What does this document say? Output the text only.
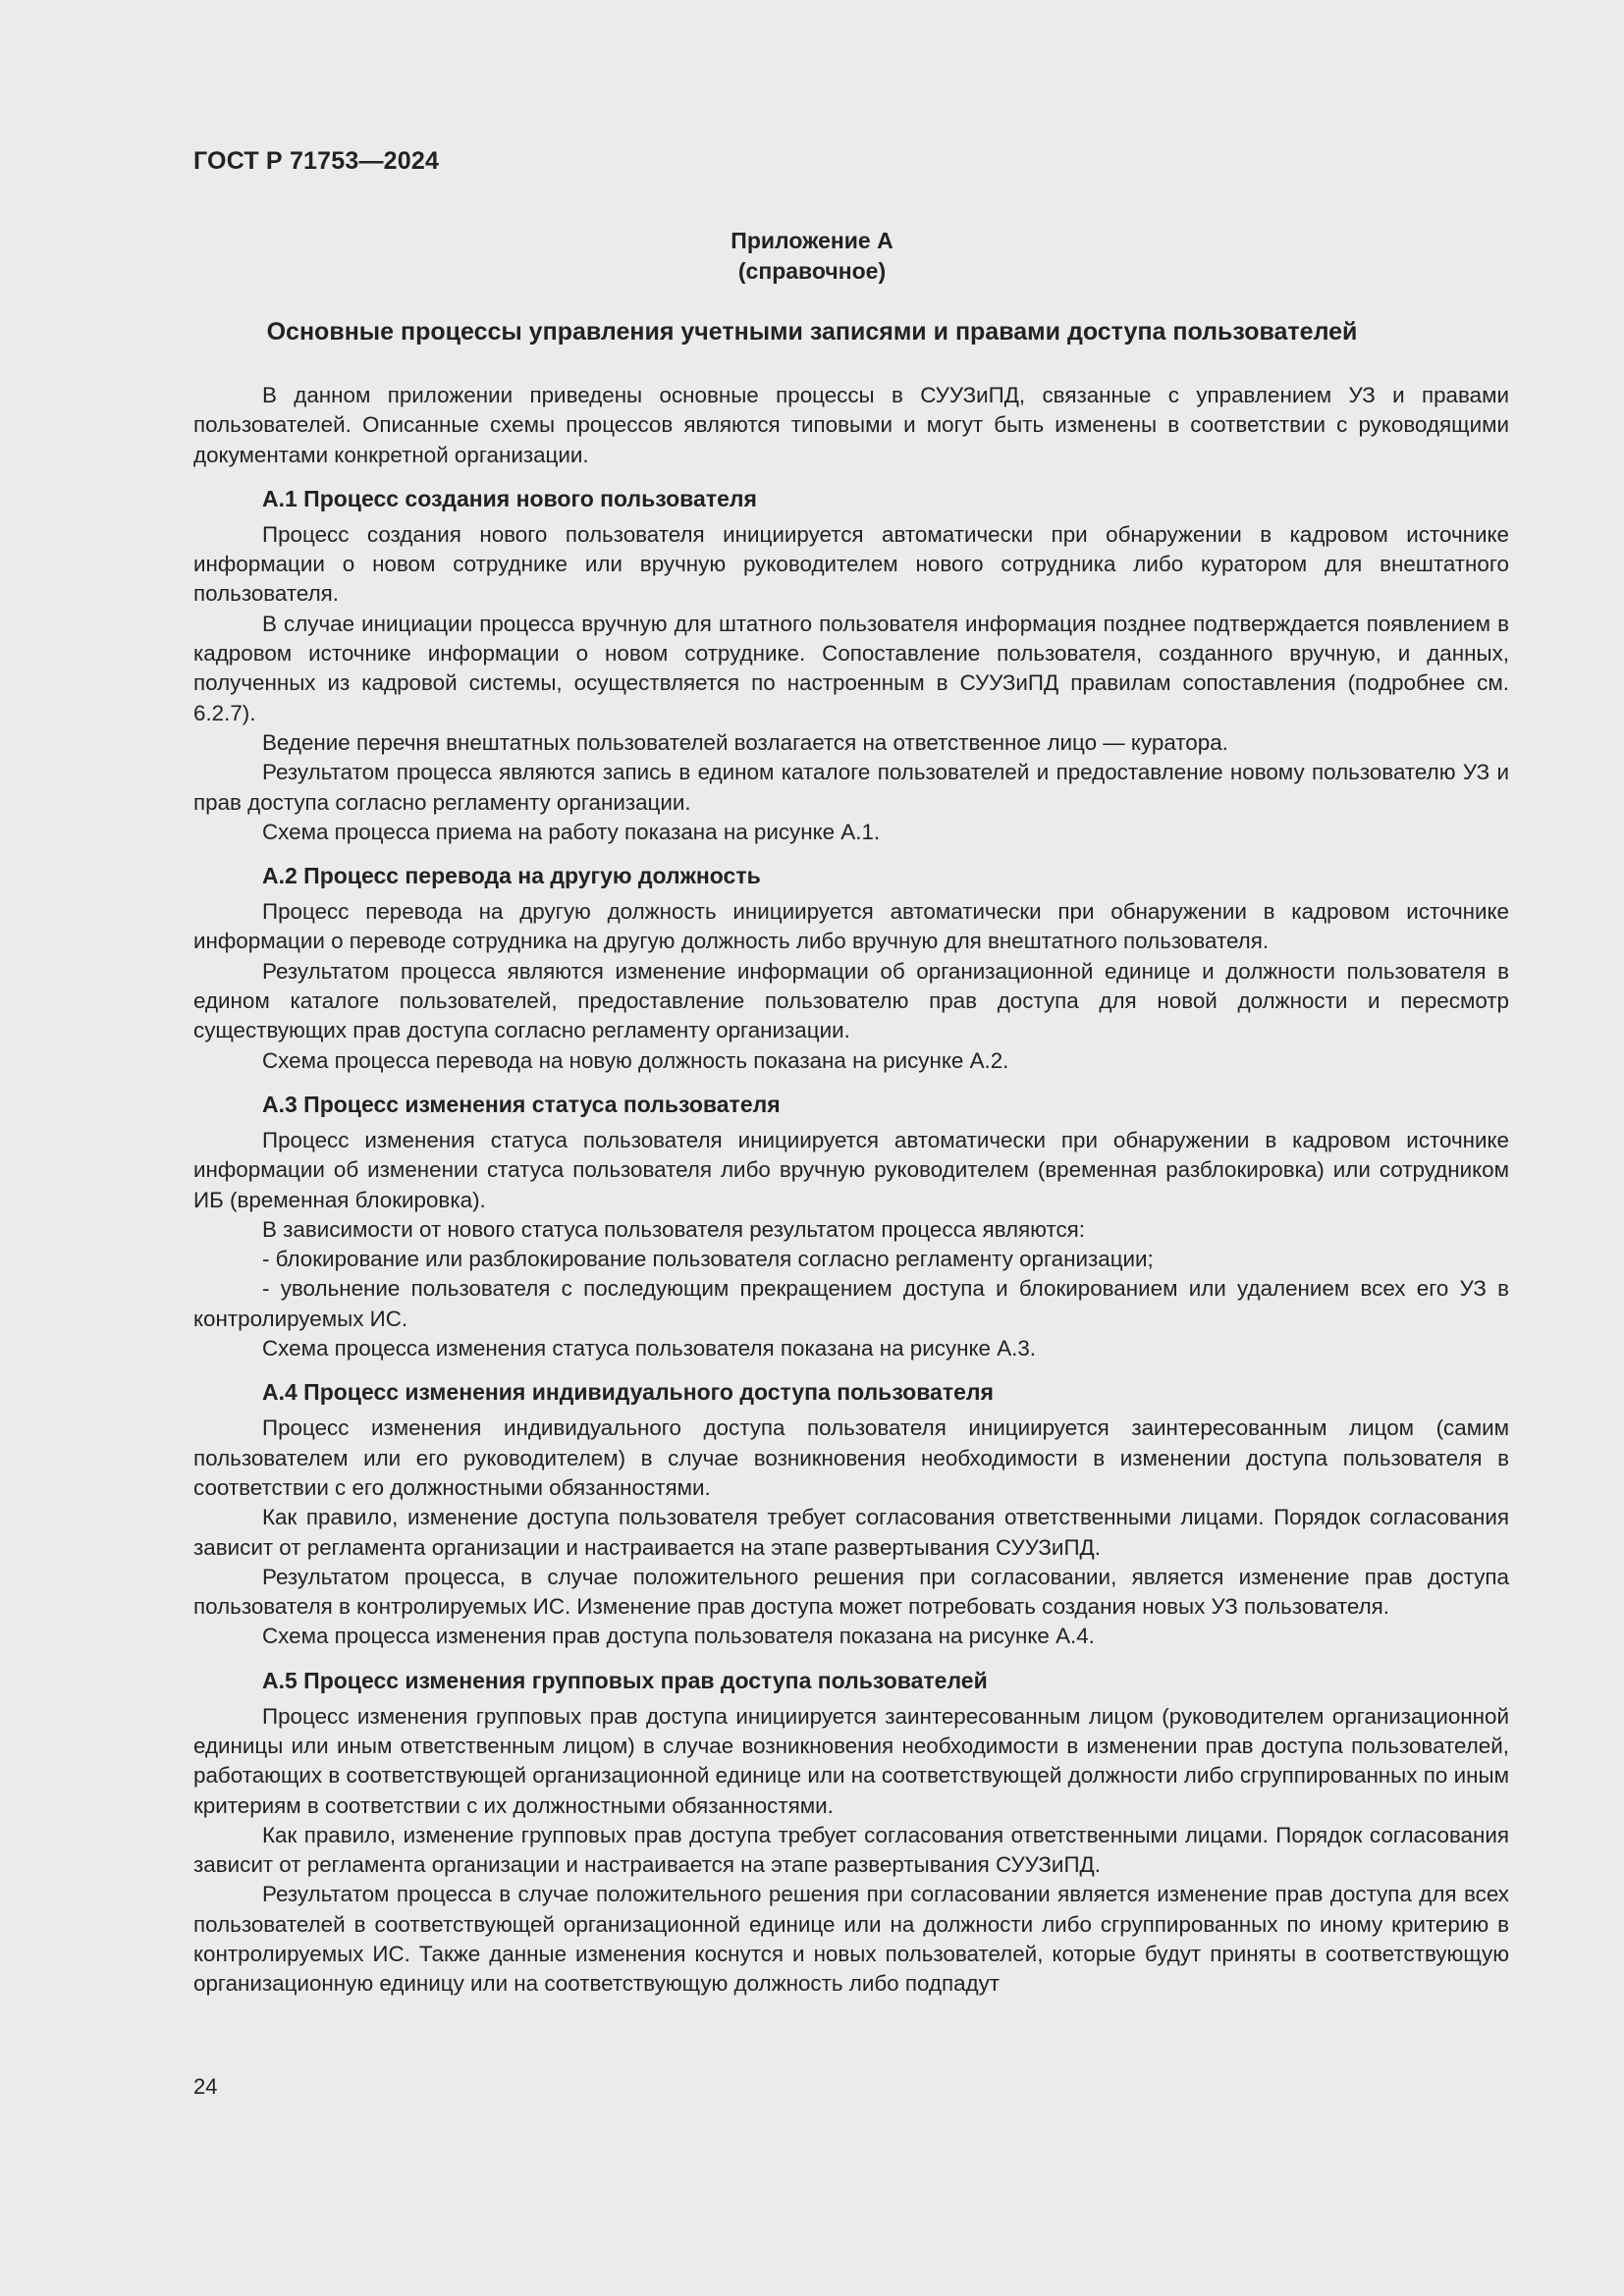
ГОСТ Р 71753—2024
Приложение А
(справочное)
Основные процессы управления учетными записями и правами доступа пользователей

В данном приложении приведены основные процессы в СУУЗиПД, связанные с управлением УЗ и правами пользователей. Описанные схемы процессов являются типовыми и могут быть изменены в соответствии с руководящими документами конкретной организации.

А.1 Процесс создания нового пользователя

Процесс создания нового пользователя инициируется автоматически при обнаружении в кадровом источнике информации о новом сотруднике или вручную руководителем нового сотрудника либо куратором для внештатного пользователя.

В случае инициации процесса вручную для штатного пользователя информация позднее подтверждается появлением в кадровом источнике информации о новом сотруднике. Сопоставление пользователя, созданного вручную, и данных, полученных из кадровой системы, осуществляется по настроенным в СУУЗиПД правилам сопоставления (подробнее см. 6.2.7).

Ведение перечня внештатных пользователей возлагается на ответственное лицо — куратора.

Результатом процесса являются запись в едином каталоге пользователей и предоставление новому пользователю УЗ и прав доступа согласно регламенту организации.

Схема процесса приема на работу показана на рисунке А.1.

А.2 Процесс перевода на другую должность

Процесс перевода на другую должность инициируется автоматически при обнаружении в кадровом источнике информации о переводе сотрудника на другую должность либо вручную для внештатного пользователя.

Результатом процесса являются изменение информации об организационной единице и должности пользователя в едином каталоге пользователей, предоставление пользователю прав доступа для новой должности и пересмотр существующих прав доступа согласно регламенту организации.

Схема процесса перевода на новую должность показана на рисунке А.2.

А.3 Процесс изменения статуса пользователя

Процесс изменения статуса пользователя инициируется автоматически при обнаружении в кадровом источнике информации об изменении статуса пользователя либо вручную руководителем (временная разблокировка) или сотрудником ИБ (временная блокировка).

В зависимости от нового статуса пользователя результатом процесса являются:

- блокирование или разблокирование пользователя согласно регламенту организации;

- увольнение пользователя с последующим прекращением доступа и блокированием или удалением всех его УЗ в контролируемых ИС.

Схема процесса изменения статуса пользователя показана на рисунке А.3.

А.4 Процесс изменения индивидуального доступа пользователя

Процесс изменения индивидуального доступа пользователя инициируется заинтересованным лицом (самим пользователем или его руководителем) в случае возникновения необходимости в изменении доступа пользователя в соответствии с его должностными обязанностями.

Как правило, изменение доступа пользователя требует согласования ответственными лицами. Порядок согласования зависит от регламента организации и настраивается на этапе развертывания СУУЗиПД.

Результатом процесса, в случае положительного решения при согласовании, является изменение прав доступа пользователя в контролируемых ИС. Изменение прав доступа может потребовать создания новых УЗ пользователя.

Схема процесса изменения прав доступа пользователя показана на рисунке А.4.

А.5 Процесс изменения групповых прав доступа пользователей

Процесс изменения групповых прав доступа инициируется заинтересованным лицом (руководителем организационной единицы или иным ответственным лицом) в случае возникновения необходимости в изменении прав доступа пользователей, работающих в соответствующей организационной единице или на соответствующей должности либо сгруппированных по иным критериям в соответствии с их должностными обязанностями.

Как правило, изменение групповых прав доступа требует согласования ответственными лицами. Порядок согласования зависит от регламента организации и настраивается на этапе развертывания СУУЗиПД.

Результатом процесса в случае положительного решения при согласовании является изменение прав доступа для всех пользователей в соответствующей организационной единице или на должности либо сгруппированных по иному критерию в контролируемых ИС. Также данные изменения коснутся и новых пользователей, которые будут приняты в соответствующую организационную единицу или на соответствующую должность либо подпадут

24
